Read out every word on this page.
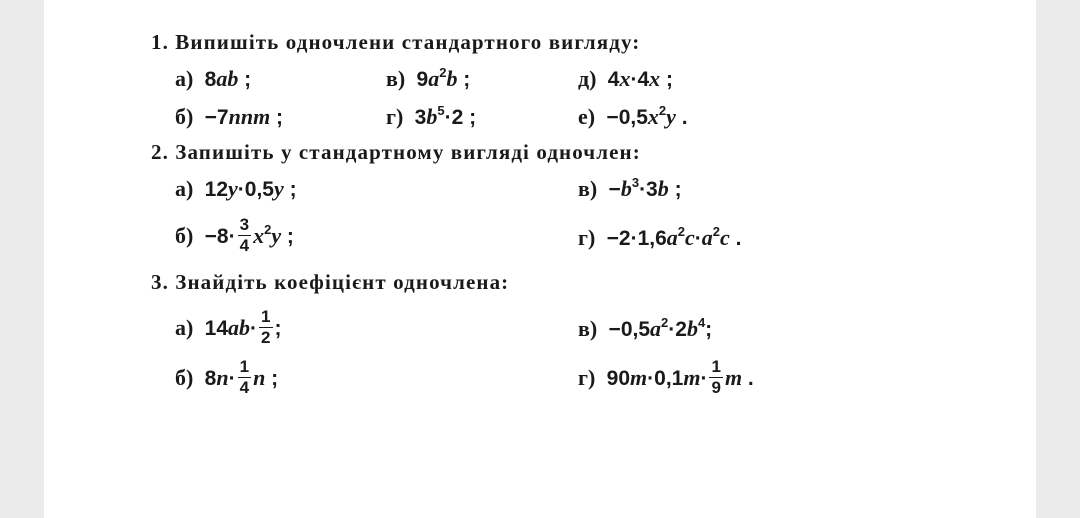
1. Випишіть одночлени стандартного вигляду:
а)  8ab ;	в)  $9a^2b$ ;	д)  4x·4x ;
б)  −7nnm ;	г)  $3b^5\cdot 2$ ;	$е) -0,5x^2y$ .
2. Запишіть у стандартному вигляді одночлен:
а)  12y·0,5y ;	$в) -b^3\cdot 3b$ ;
$б) -8\cdot \frac{3}{4} x^2y$ ;	$г) -2\cdot 1,6a^2c\cdot a^2c$ .
3. Знайдіть коефіцієнт одночлена:
а)  $14ab\cdot \frac{1}{2}$ ;	$в) -0,5a^2\cdot 2b^4$;
б)  $8n\cdot \frac{1}{4}$ n ;	г)  $90m\cdot 0,1m\cdot \frac{1}{9}$ m .
